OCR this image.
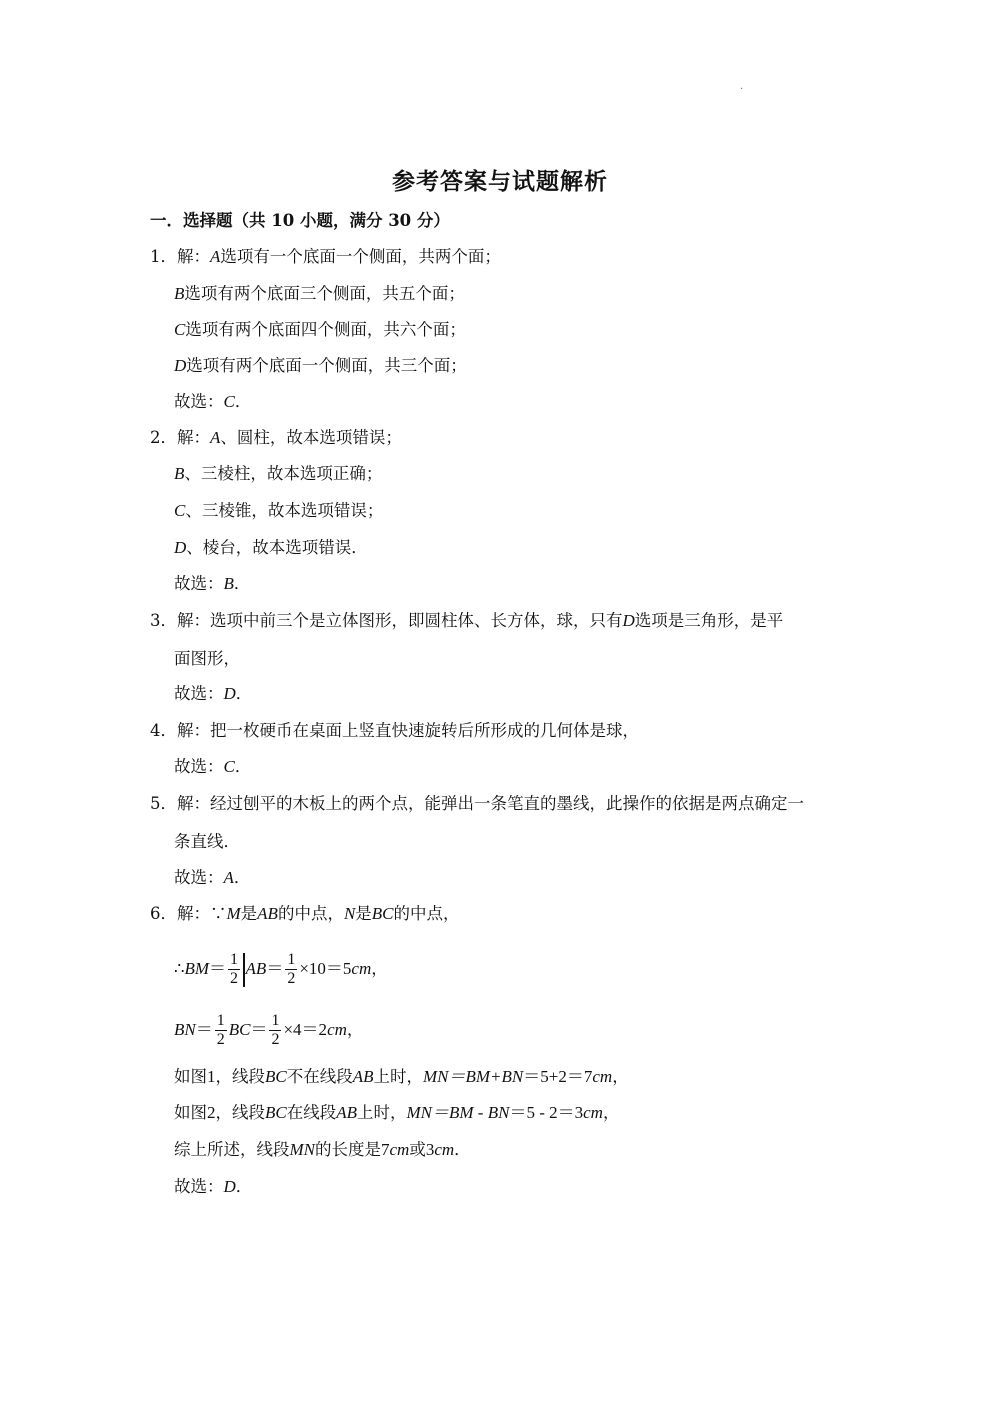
·
参考答案与试题解析
一．选择题（共 10 小题，满分 30 分）
1．解：A选项有一个底面一个侧面，共两个面；
B选项有两个底面三个侧面，共五个面；
C选项有两个底面四个侧面，共六个面；
D选项有两个底面一个侧面，共三个面；
故选：C．
2．解：A、圆柱，故本选项错误；
B、三棱柱，故本选项正确；
C、三棱锥，故本选项错误；
D、棱台，故本选项错误．
故选：B．
3．解：选项中前三个是立体图形，即圆柱体、长方体，球，只有D选项是三角形，是平
面图形，
故选：D．
4．解：把一枚硬币在桌面上竖直快速旋转后所形成的几何体是球，
故选：C．
5．解：经过刨平的木板上的两个点，能弹出一条笔直的墨线，此操作的依据是两点确定一
条直线．
故选：A．
6．解：∵M是AB的中点，N是BC的中点，
∴BM＝ $\frac{1}{2} AB= \frac{1}{2} \times 10=5cm$，
$BN= \frac{1}{2} BC= \frac{1}{2} \times 4=2cm$，
如图1，线段BC不在线段AB上时，MN＝BM+BN＝5+2＝7cm，
如图2，线段BC在线段AB上时，MN＝BM - BN＝5 - 2＝3cm，
综上所述，线段MN的长度是7cm或3cm．
故选：D．
